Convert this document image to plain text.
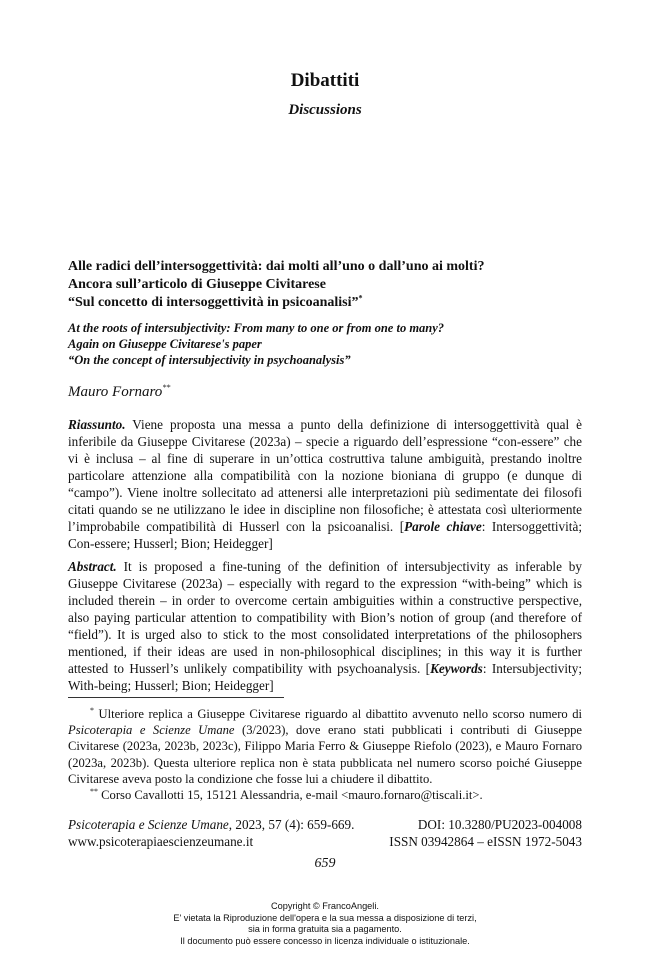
Dibattiti
Discussions
Alle radici dell’intersoggettività: dai molti all’uno o dall’uno ai molti?
Ancora sull’articolo di Giuseppe Civitarese
“Sul concetto di intersoggettività in psicoanalisi”*
At the roots of intersubjectivity: From many to one or from one to many?
Again on Giuseppe Civitarese's paper
“On the concept of intersubjectivity in psychoanalysis”
Mauro Fornaro**
Riassunto. Viene proposta una messa a punto della definizione di intersoggettività qual è inferibile da Giuseppe Civitarese (2023a) – specie a riguardo dell’espressione “con-essere” che vi è inclusa – al fine di superare in un’ottica costruttiva talune ambiguità, prestando inoltre particolare attenzione alla compatibilità con la nozione bioniana di gruppo (e dunque di “campo”). Viene inoltre sollecitato ad attenersi alle interpretazioni più sedimentate dei filosofi citati quando se ne utilizzano le idee in discipline non filosofiche; è attestata così ulteriormente l’improbabile compatibilità di Husserl con la psicoanalisi. [Parole chiave: Intersoggettività; Con-essere; Husserl; Bion; Heidegger]
Abstract. It is proposed a fine-tuning of the definition of intersubjectivity as inferable by Giuseppe Civitarese (2023a) – especially with regard to the expression “with-being” which is included therein – in order to overcome certain ambiguities within a constructive perspective, also paying particular attention to compatibility with Bion’s notion of group (and therefore of “field”). It is urged also to stick to the most consolidated interpretations of the philosophers mentioned, if their ideas are used in non-philosophical disciplines; in this way it is further attested to Husserl’s unlikely compatibility with psychoanalysis. [Keywords: Intersubjectivity; With-being; Husserl; Bion; Heidegger]
* Ulteriore replica a Giuseppe Civitarese riguardo al dibattito avvenuto nello scorso numero di Psicoterapia e Scienze Umane (3/2023), dove erano stati pubblicati i contributi di Giuseppe Civitarese (2023a, 2023b, 2023c), Filippo Maria Ferro & Giuseppe Riefolo (2023), e Mauro Fornaro (2023a, 2023b). Questa ulteriore replica non è stata pubblicata nel numero scorso poiché Giuseppe Civitarese aveva posto la condizione che fosse lui a chiudere il dibattito.
** Corso Cavallotti 15, 15121 Alessandria, e-mail <mauro.fornaro@tiscali.it>.
Psicoterapia e Scienze Umane, 2023, 57 (4): 659-669.	DOI: 10.3280/PU2023-004008
www.psicoterapiaescienzeumane.it	ISSN 03942864 – eISSN 1972-5043
659
Copyright © FrancoAngeli.
E' vietata la Riproduzione dell'opera e la sua messa a disposizione di terzi,
sia in forma gratuita sia a pagamento.
Il documento può essere concesso in licenza individuale o istituzionale.
